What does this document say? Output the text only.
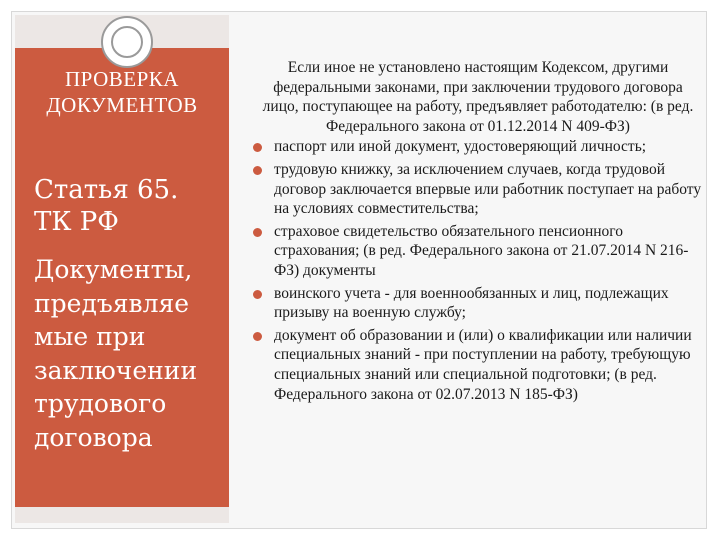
ПРОВЕРКА
ДОКУМЕНТОВ
Статья 65.
ТК РФ
Документы,
предъявляе
мые при
заключении
трудового
договора
Если иное не установлено настоящим Кодексом, другими федеральными законами, при заключении трудового договора лицо, поступающее на работу, предъявляет работодателю: (в ред. Федерального закона от 01.12.2014 N 409-ФЗ)
паспорт или иной документ, удостоверяющий личность;
трудовую книжку, за исключением случаев, когда трудовой договор заключается впервые или работник поступает на работу на условиях совместительства;
страховое свидетельство обязательного пенсионного страхования; (в ред. Федерального закона от 21.07.2014 N 216-ФЗ) документы
воинского учета - для военнообязанных и лиц, подлежащих призыву на военную службу;
документ об образовании и (или) о квалификации или наличии специальных знаний - при поступлении на работу, требующую специальных знаний или специальной подготовки; (в ред. Федерального закона от 02.07.2013 N 185-ФЗ)
